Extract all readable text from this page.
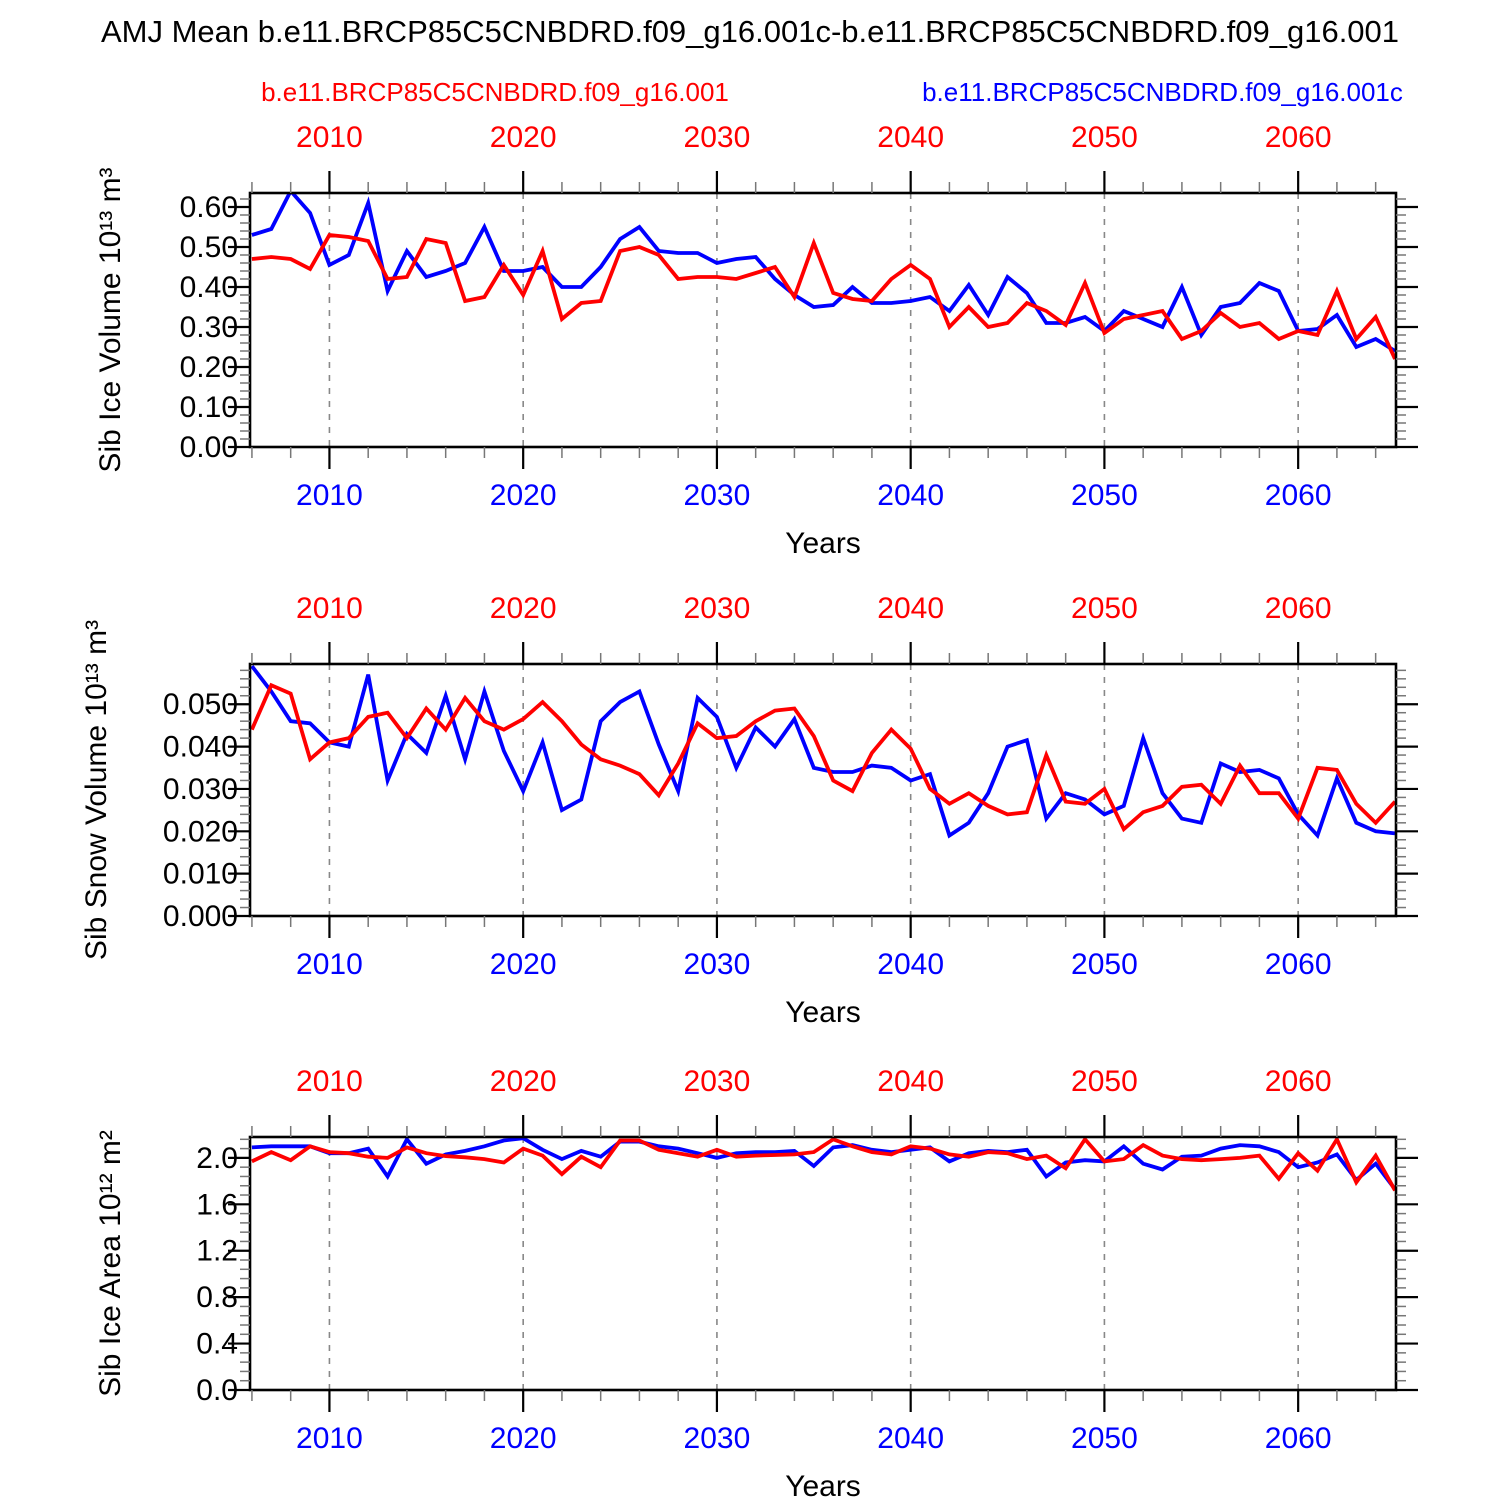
AMJ Mean b.e11.BRCP85C5CNBDRD.f09_g16.001c-b.e11.BRCP85C5CNBDRD.f09_g16.001
b.e11.BRCP85C5CNBDRD.f09_g16.001	b.e11.BRCP85C5CNBDRD.f09_g16.001c
2010
2010
2020
2020
2030
2030
2040
2040
2050
2050
2060
2060
0.00
0.10
0.20
0.30
0.40
0.50
0.60
Sib Ice Volume 10¹³ m³
Years
2010
2010
2020
2020
2030
2030
2040
2040
2050
2050
2060
2060
0.000
0.010
0.020
0.030
0.040
0.050
Sib Snow Volume 10¹³ m³
Years
2010
2010
2020
2020
2030
2030
2040
2040
2050
2050
2060
2060
0.0
0.4
0.8
1.2
1.6
2.0
Sib Ice Area 10¹² m²
Years
